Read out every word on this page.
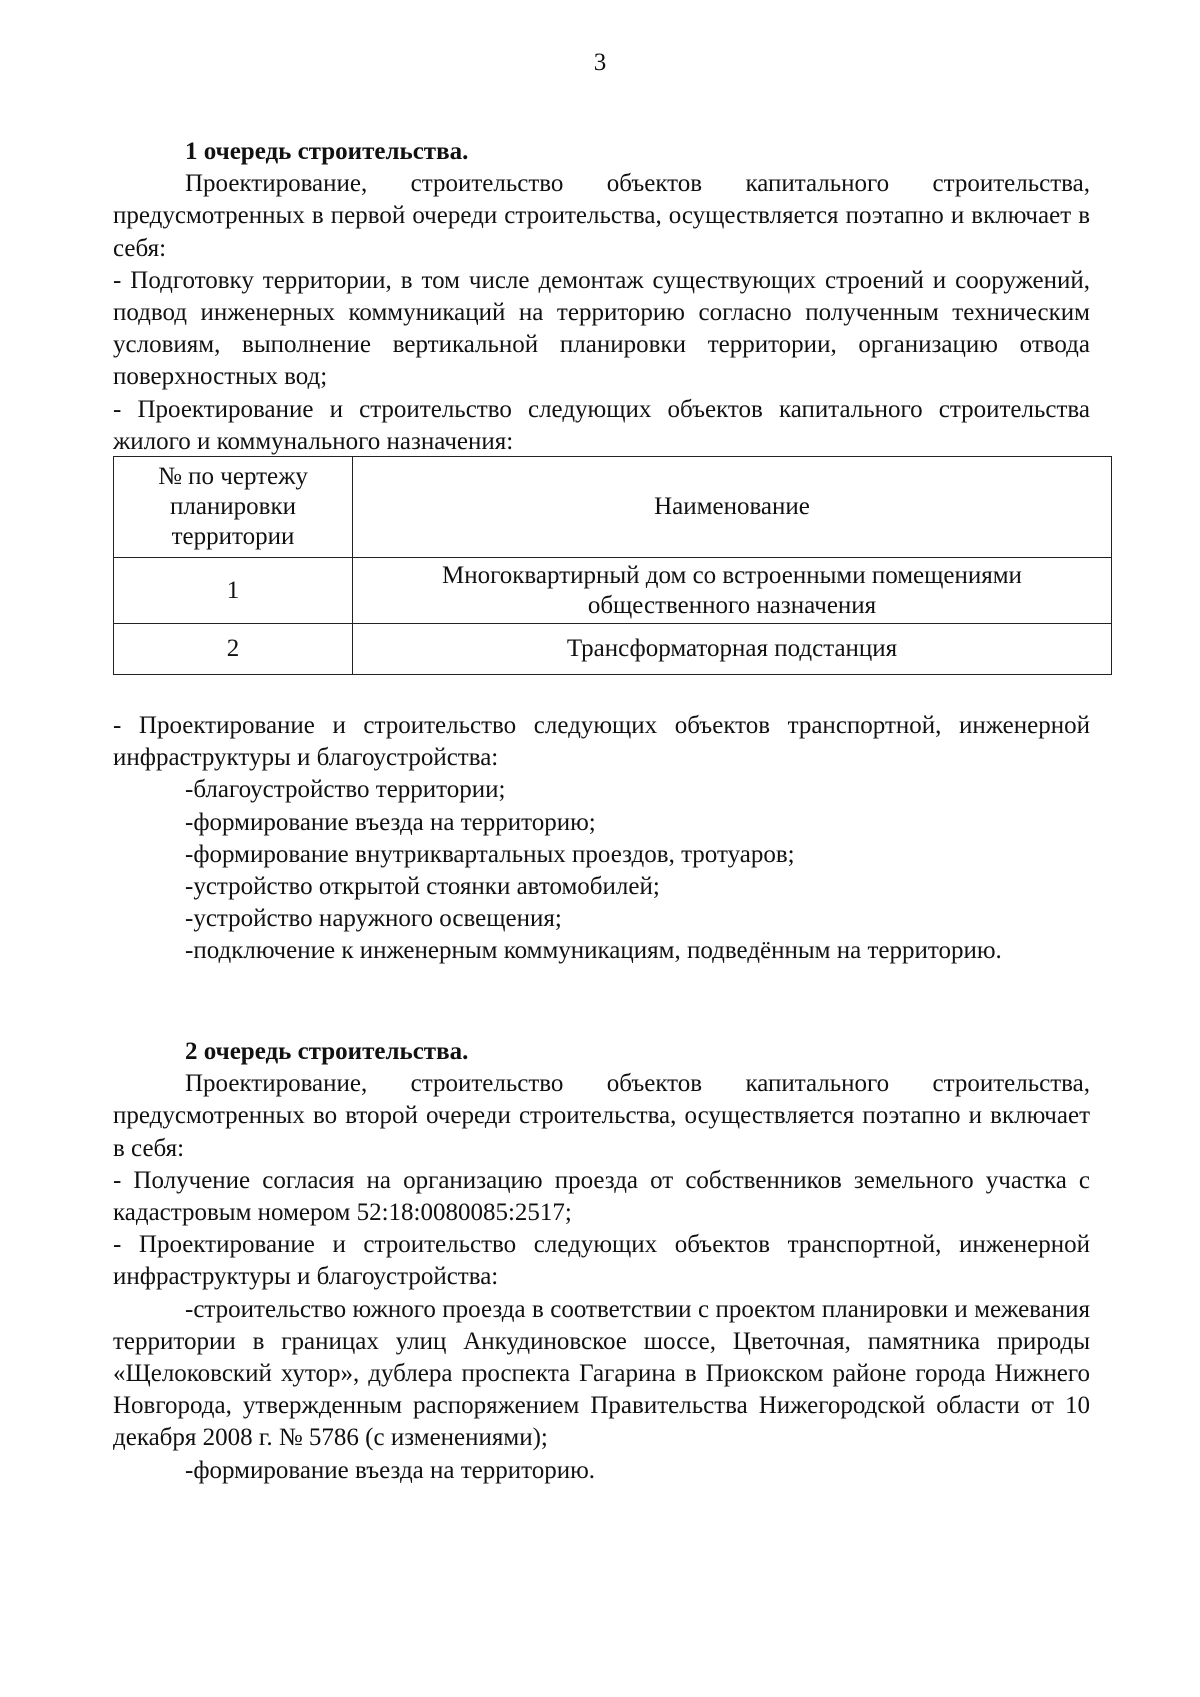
3

1 очередь строительства.

Проектирование, строительство объектов капитального строительства, предусмотренных в первой очереди строительства, осуществляется поэтапно и включает в себя:

- Подготовку территории, в том числе демонтаж существующих строений и сооружений, подвод инженерных коммуникаций на территорию согласно полученным техническим условиям, выполнение вертикальной планировки территории, организацию отвода поверхностных вод;

- Проектирование и строительство следующих объектов капитального строительства жилого и коммунального назначения:

№ по чертежу планировки территории	Наименование
1	Многоквартирный дом со встроенными помещениями общественного назначения
2	Трансформаторная подстанция

- Проектирование и строительство следующих объектов транспортной, инженерной инфраструктуры и благоустройства:

-благоустройство территории;

-формирование въезда на территорию;

-формирование внутриквартальных проездов, тротуаров;

-устройство открытой стоянки автомобилей;

-устройство наружного освещения;

-подключение к инженерным коммуникациям, подведённым на территорию.

2 очередь строительства.

Проектирование, строительство объектов капитального строительства, предусмотренных во второй очереди строительства, осуществляется поэтапно и включает в себя:

- Получение согласия на организацию проезда от собственников земельного участка с кадастровым номером 52:18:0080085:2517;

- Проектирование и строительство следующих объектов транспортной, инженерной инфраструктуры и благоустройства:

-строительство южного проезда в соответствии с проектом планировки и межевания территории в границах улиц Анкудиновское шоссе, Цветочная, памятника природы «Щелоковский хутор», дублера проспекта Гагарина в Приокском районе города Нижнего Новгорода, утвержденным распоряжением Правительства Нижегородской области от 10 декабря 2008 г. № 5786 (с изменениями);

-формирование въезда на территорию.
